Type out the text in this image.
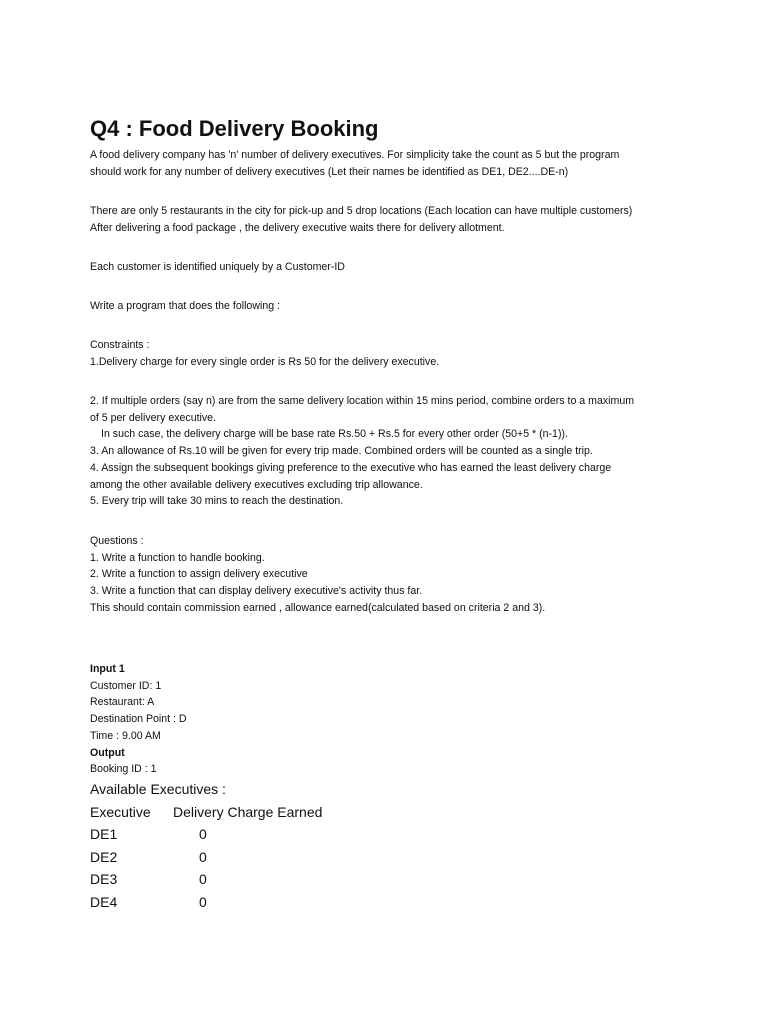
Q4 : Food Delivery Booking
A food delivery company has 'n' number of delivery executives. For simplicity take the count as 5 but the program
should work for any number of delivery executives (Let their names be identified as DE1, DE2....DE-n)
There are only 5 restaurants in the city for pick-up and 5 drop locations (Each location can have multiple customers)
After delivering a food package , the delivery executive waits there for delivery allotment.
Each customer is identified uniquely by a Customer-ID
Write a program that does the following :
Constraints :
1.Delivery charge for every single order is Rs 50 for the delivery executive.
2. If multiple orders (say n) are from the same delivery location within 15 mins period, combine orders to a maximum
of 5 per delivery executive.
In such case, the delivery charge will be base rate Rs.50 + Rs.5 for every other order (50+5 * (n-1)).
3. An allowance of Rs.10 will be given for every trip made. Combined orders will be counted as a single trip.
4. Assign the subsequent bookings giving preference to the executive who has earned the least delivery charge
among the other available delivery executives excluding trip allowance.
5. Every trip will take 30 mins to reach the destination.
Questions :
1. Write a function to handle booking.
2. Write a function to assign delivery executive
3. Write a function that can display delivery executive's activity thus far.
This should contain commission earned , allowance earned(calculated based on criteria 2 and 3).
Input 1
Customer ID: 1
Restaurant: A
Destination Point : D
Time : 9.00 AM
Output
Booking ID : 1
Available Executives :
Executive Delivery Charge Earned
DE1	0
DE2	0
DE3	0
DE4	0
